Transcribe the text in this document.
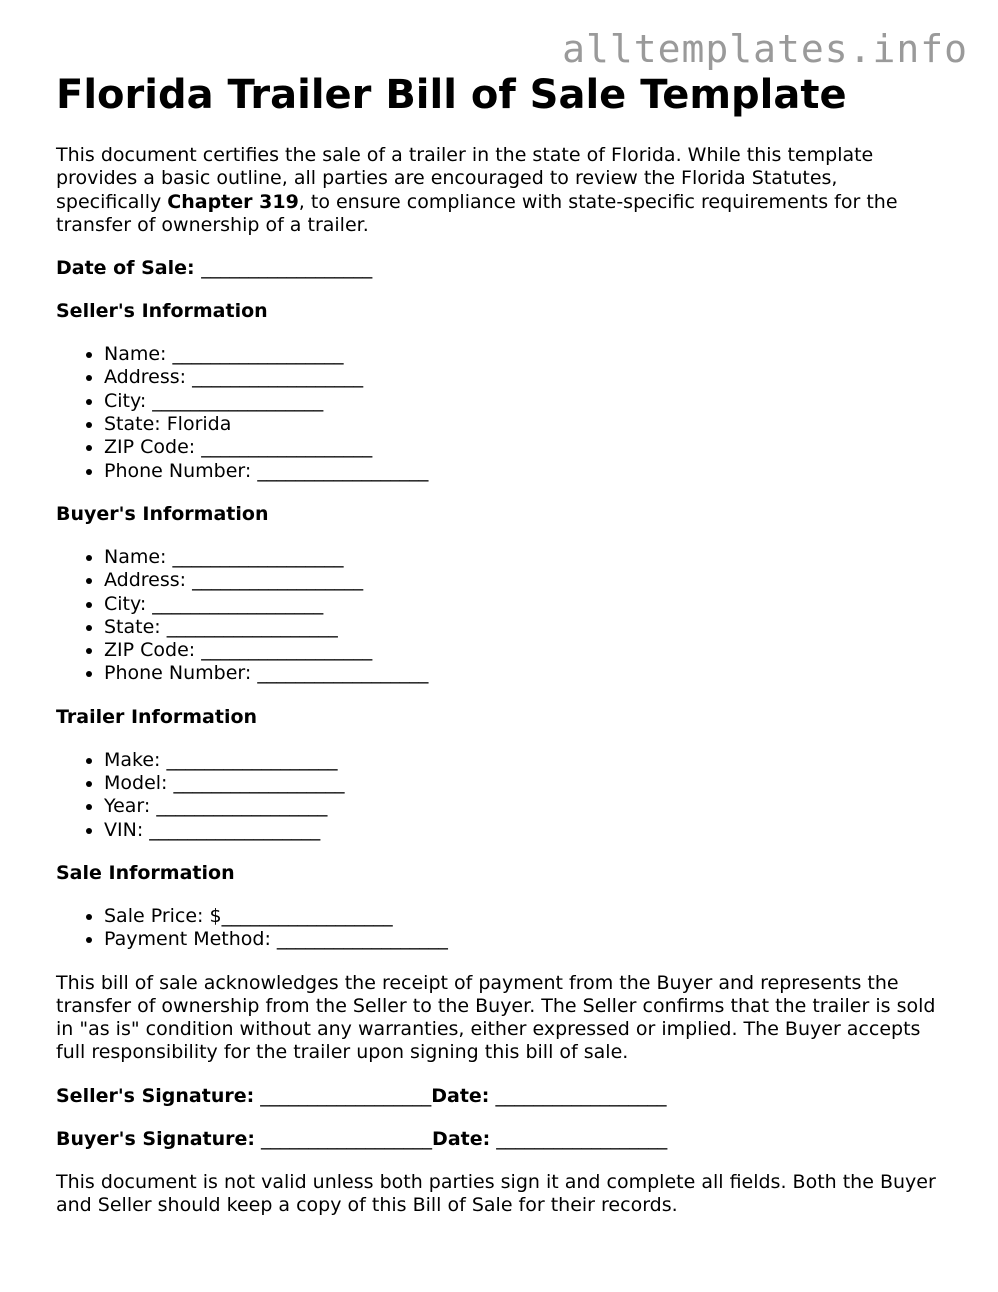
alltemplates.info
Florida Trailer Bill of Sale Template

This document certifies the sale of a trailer in the state of Florida. While this template provides a basic outline, all parties are encouraged to review the Florida Statutes, specifically Chapter 319, to ensure compliance with state-specific requirements for the transfer of ownership of a trailer.

Date of Sale: __________________

Seller's Information
• Name: __________________
• Address: __________________
• City: __________________
• State: Florida
• ZIP Code: __________________
• Phone Number: __________________
Buyer's Information
• Name: __________________
• Address: __________________
• City: __________________
• State: __________________
• ZIP Code: __________________
• Phone Number: __________________
Trailer Information
• Make: __________________
• Model: __________________
• Year: __________________
• VIN: __________________
Sale Information
• Sale Price: $__________________
• Payment Method: __________________

This bill of sale acknowledges the receipt of payment from the Buyer and represents the transfer of ownership from the Seller to the Buyer. The Seller confirms that the trailer is sold in "as is" condition without any warranties, either expressed or implied. The Buyer accepts full responsibility for the trailer upon signing this bill of sale.

Seller's Signature: __________________Date: __________________

Buyer's Signature: __________________Date: __________________

This document is not valid unless both parties sign it and complete all fields. Both the Buyer and Seller should keep a copy of this Bill of Sale for their records.
